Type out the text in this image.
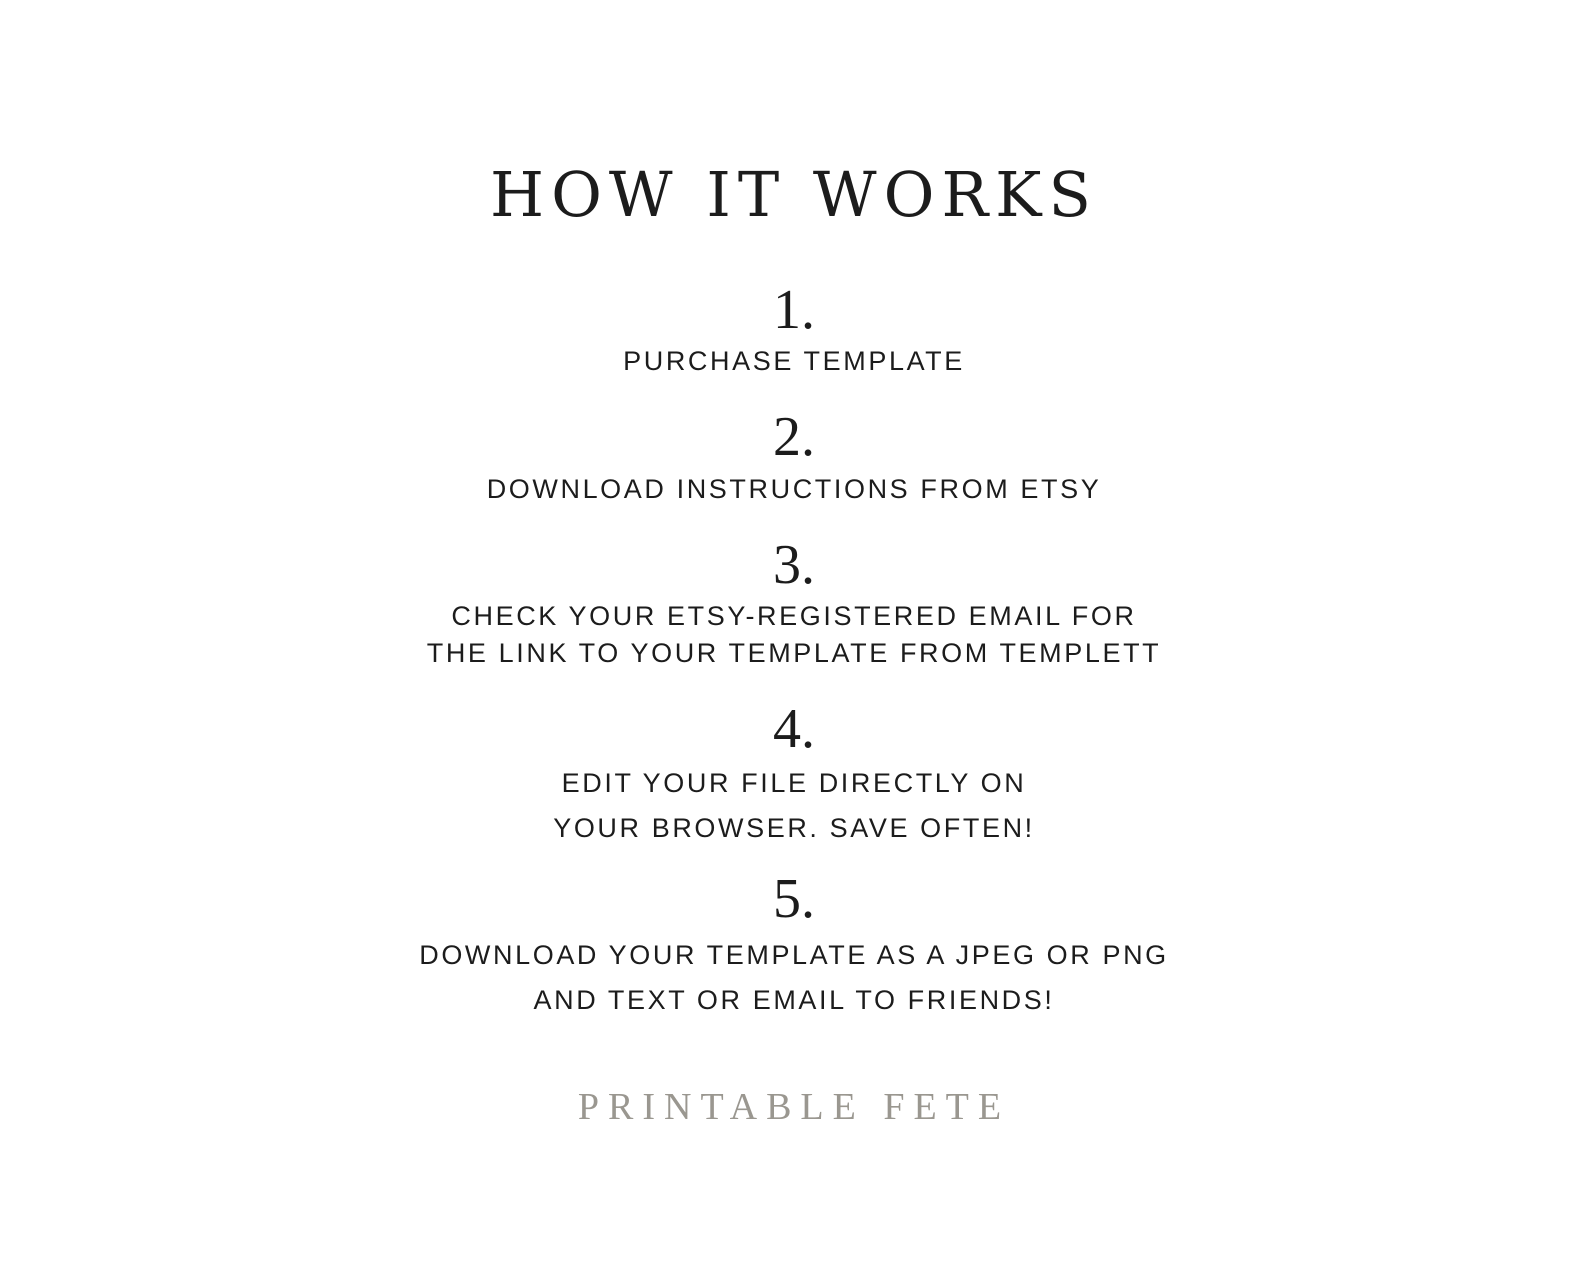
HOW IT WORKS
1.
PURCHASE TEMPLATE
2.
DOWNLOAD INSTRUCTIONS FROM ETSY
3.
CHECK YOUR ETSY-REGISTERED EMAIL FOR
THE LINK TO YOUR TEMPLATE FROM TEMPLETT
4.
EDIT YOUR FILE DIRECTLY ON
YOUR BROWSER. SAVE OFTEN!
5.
DOWNLOAD YOUR TEMPLATE AS A JPEG OR PNG
AND TEXT OR EMAIL TO FRIENDS!
PRINTABLE FETE
